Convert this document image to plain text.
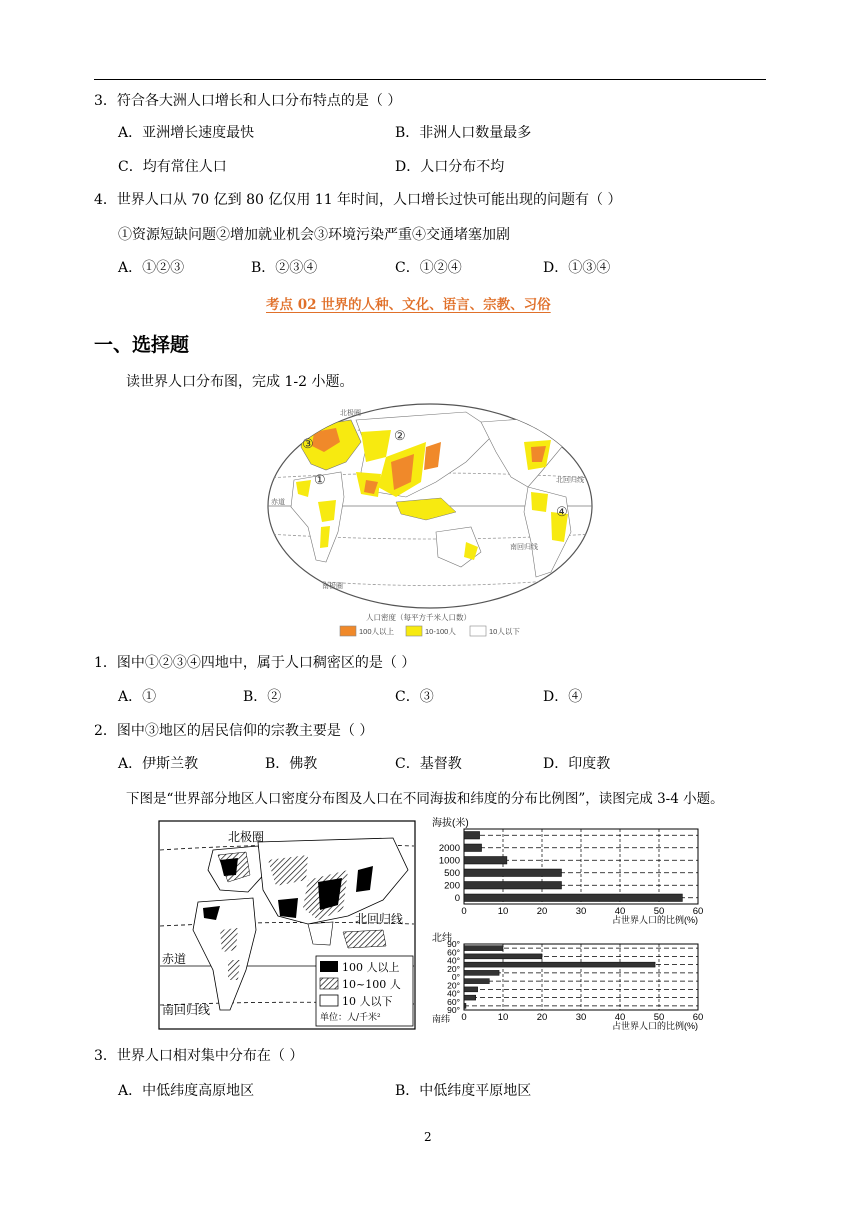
3．符合各大洲人口增长和人口分布特点的是（ ）
A．亚洲增长速度最快	B．非洲人口数量最多
C．均有常住人口	D．人口分布不均
4．世界人口从 70 亿到 80 亿仅用 11 年时间，人口增长过快可能出现的问题有（ ）
①资源短缺问题②增加就业机会③环境污染严重④交通堵塞加剧
A．①②③	B．②③④	C．①②④	D．①③④
考点 02 世界的人种、文化、语言、宗教、习俗
一、选择题
读世界人口分布图，完成 1-2 小题。
北极圈
赤道
北回归线
南回归线
南极圈
③
②
①
④
人口密度（每平方千米人口数）
100人以上	10-100人	10人以下
1．图中①②③④四地中，属于人口稠密区的是（ ）
A．①	B．②	C．③	D．④
2．图中③地区的居民信仰的宗教主要是（ ）
A．伊斯兰教	B．佛教	C．基督教	D．印度教
下图是“世界部分地区人口密度分布图及人口在不同海拔和纬度的分布比例图”，读图完成 3-4 小题。
北极圈
北回归线
赤道
南回归线
100 人以上
10~100 人
10 人以下
单位：人/千米²
海拔(米)
0	10	20	30	40	50	60
占世界人口的比例(%)
2000
1000
500
200
0
北纬
0	10	20	30	40	50	60
占世界人口的比例(%)
90°
60°
40°
20°
0°
20°
40°
60°
90°
南纬
3．世界人口相对集中分布在（ ）
A．中低纬度高原地区	B．中低纬度平原地区
2
